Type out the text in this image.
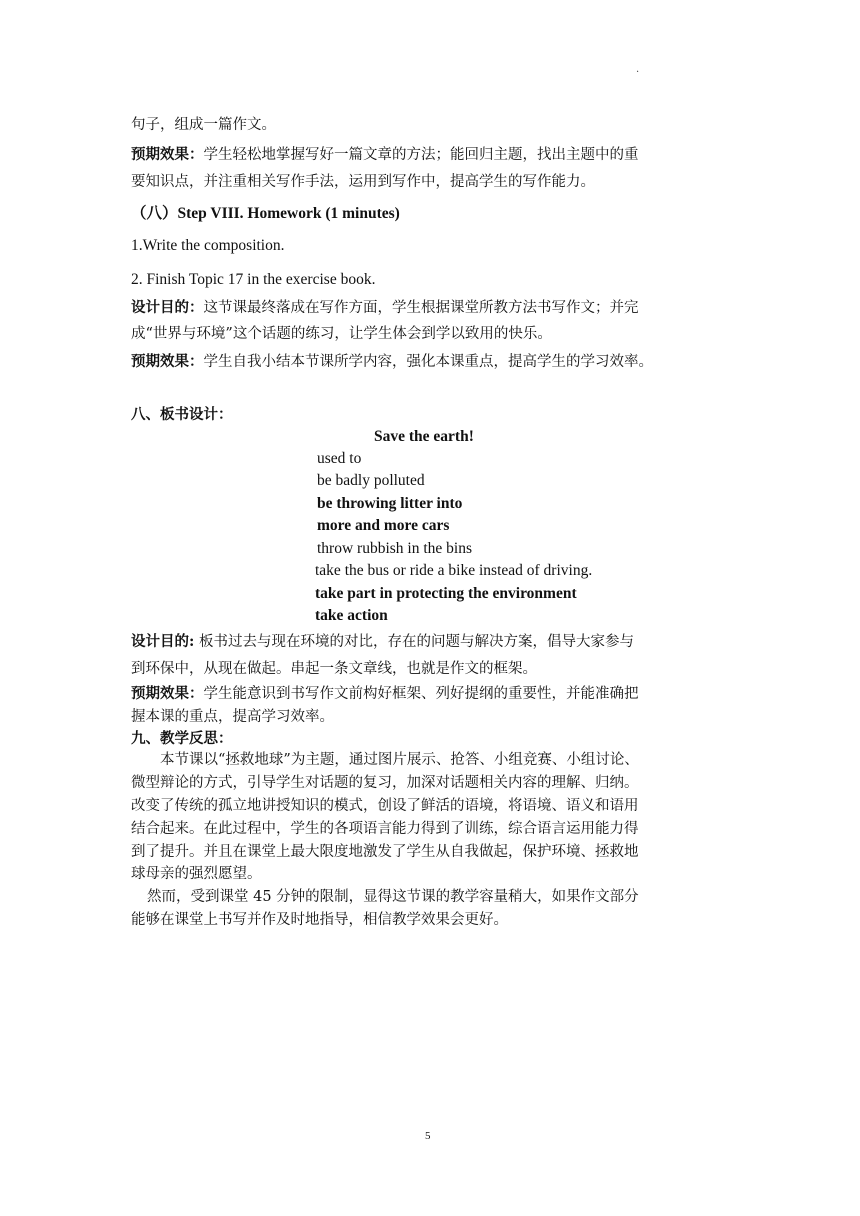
.
句子，组成一篇作文。
预期效果：学生轻松地掌握写好一篇文章的方法；能回归主题，找出主题中的重
要知识点，并注重相关写作手法，运用到写作中，提高学生的写作能力。
（八）Step VIII. Homework (1 minutes)
1.Write the composition.
2. Finish Topic 17 in the exercise book.
设计目的：这节课最终落成在写作方面，学生根据课堂所教方法书写作文；并完
成“世界与环境”这个话题的练习，让学生体会到学以致用的快乐。
预期效果：学生自我小结本节课所学内容，强化本课重点，提高学生的学习效率。
八、板书设计：
Save the earth!
used to
be badly polluted
be throwing litter into
more and more cars
throw rubbish in the bins
take the bus or ride a bike instead of driving.
take part in protecting the environment
take action
设计目的: 板书过去与现在环境的对比，存在的问题与解决方案，倡导大家参与
到环保中，从现在做起。串起一条文章线，也就是作文的框架。
预期效果：学生能意识到书写作文前构好框架、列好提纲的重要性，并能准确把
握本课的重点，提高学习效率。
九、教学反思：
本节课以“拯救地球”为主题，通过图片展示、抢答、小组竞赛、小组讨论、
微型辩论的方式，引导学生对话题的复习，加深对话题相关内容的理解、归纳。
改变了传统的孤立地讲授知识的模式，创设了鲜活的语境，将语境、语义和语用
结合起来。在此过程中，学生的各项语言能力得到了训练，综合语言运用能力得
到了提升。并且在课堂上最大限度地激发了学生从自我做起，保护环境、拯救地
球母亲的强烈愿望。
然而，受到课堂 45 分钟的限制，显得这节课的教学容量稍大，如果作文部分
能够在课堂上书写并作及时地指导，相信教学效果会更好。
5
